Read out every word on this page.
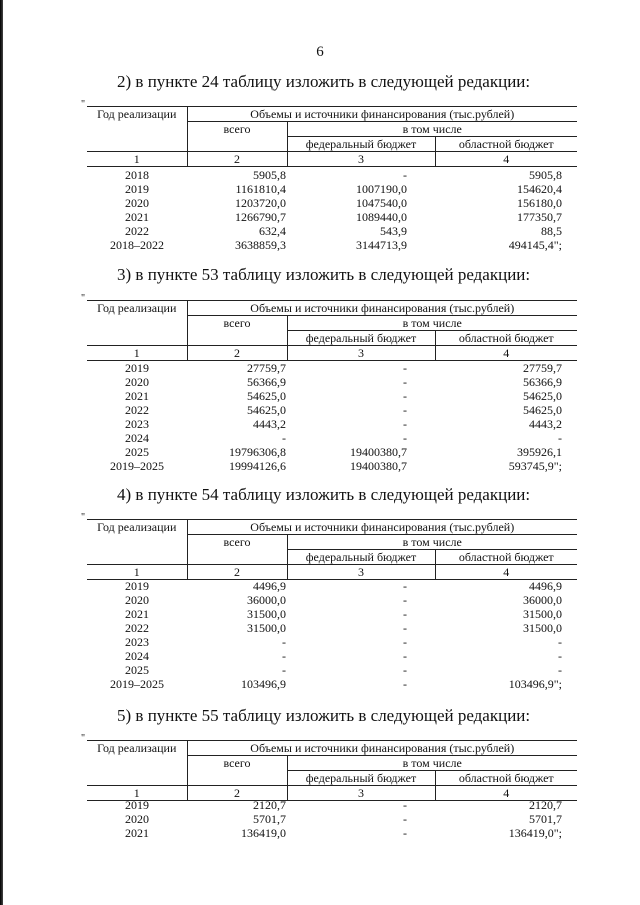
6
2) в пункте 24 таблицу изложить в следующей редакции:
"
Год реализации	Объемы и источники финансирования (тыс.рублей)		
	всего	в том числе	
		федеральный бюджет	областной бюджет
1	2	3	4
2018	5905,8	-	5905,8
2019	1161810,4	1007190,0	154620,4
2020	1203720,0	1047540,0	156180,0
2021	1266790,7	1089440,0	177350,7
2022	632,4	543,9	88,5
2018–2022	3638859,3	3144713,9	494145,4";
3) в пункте 53 таблицу изложить в следующей редакции:
"
Год реализации	Объемы и источники финансирования (тыс.рублей)		
	всего	в том числе	
		федеральный бюджет	областной бюджет
1	2	3	4
2019	27759,7	-	27759,7
2020	56366,9	-	56366,9
2021	54625,0	-	54625,0
2022	54625,0	-	54625,0
2023	4443,2	-	4443,2
2024	-	-	-
2025	19796306,8	19400380,7	395926,1
2019–2025	19994126,6	19400380,7	593745,9";
4) в пункте 54 таблицу изложить в следующей редакции:
"
Год реализации	Объемы и источники финансирования (тыс.рублей)		
	всего	в том числе	
		федеральный бюджет	областной бюджет
1	2	3	4
2019	4496,9	-	4496,9
2020	36000,0	-	36000,0
2021	31500,0	-	31500,0
2022	31500,0	-	31500,0
2023	-	-	-
2024	-	-	-
2025	-	-	-
2019–2025	103496,9	-	103496,9";
5) в пункте 55 таблицу изложить в следующей редакции:
"
Год реализации	Объемы и источники финансирования (тыс.рублей)		
	всего	в том числе	
		федеральный бюджет	областной бюджет
1	2	3	4
2019	2120,7	-	2120,7
2020	5701,7	-	5701,7
2021	136419,0	-	136419,0";
